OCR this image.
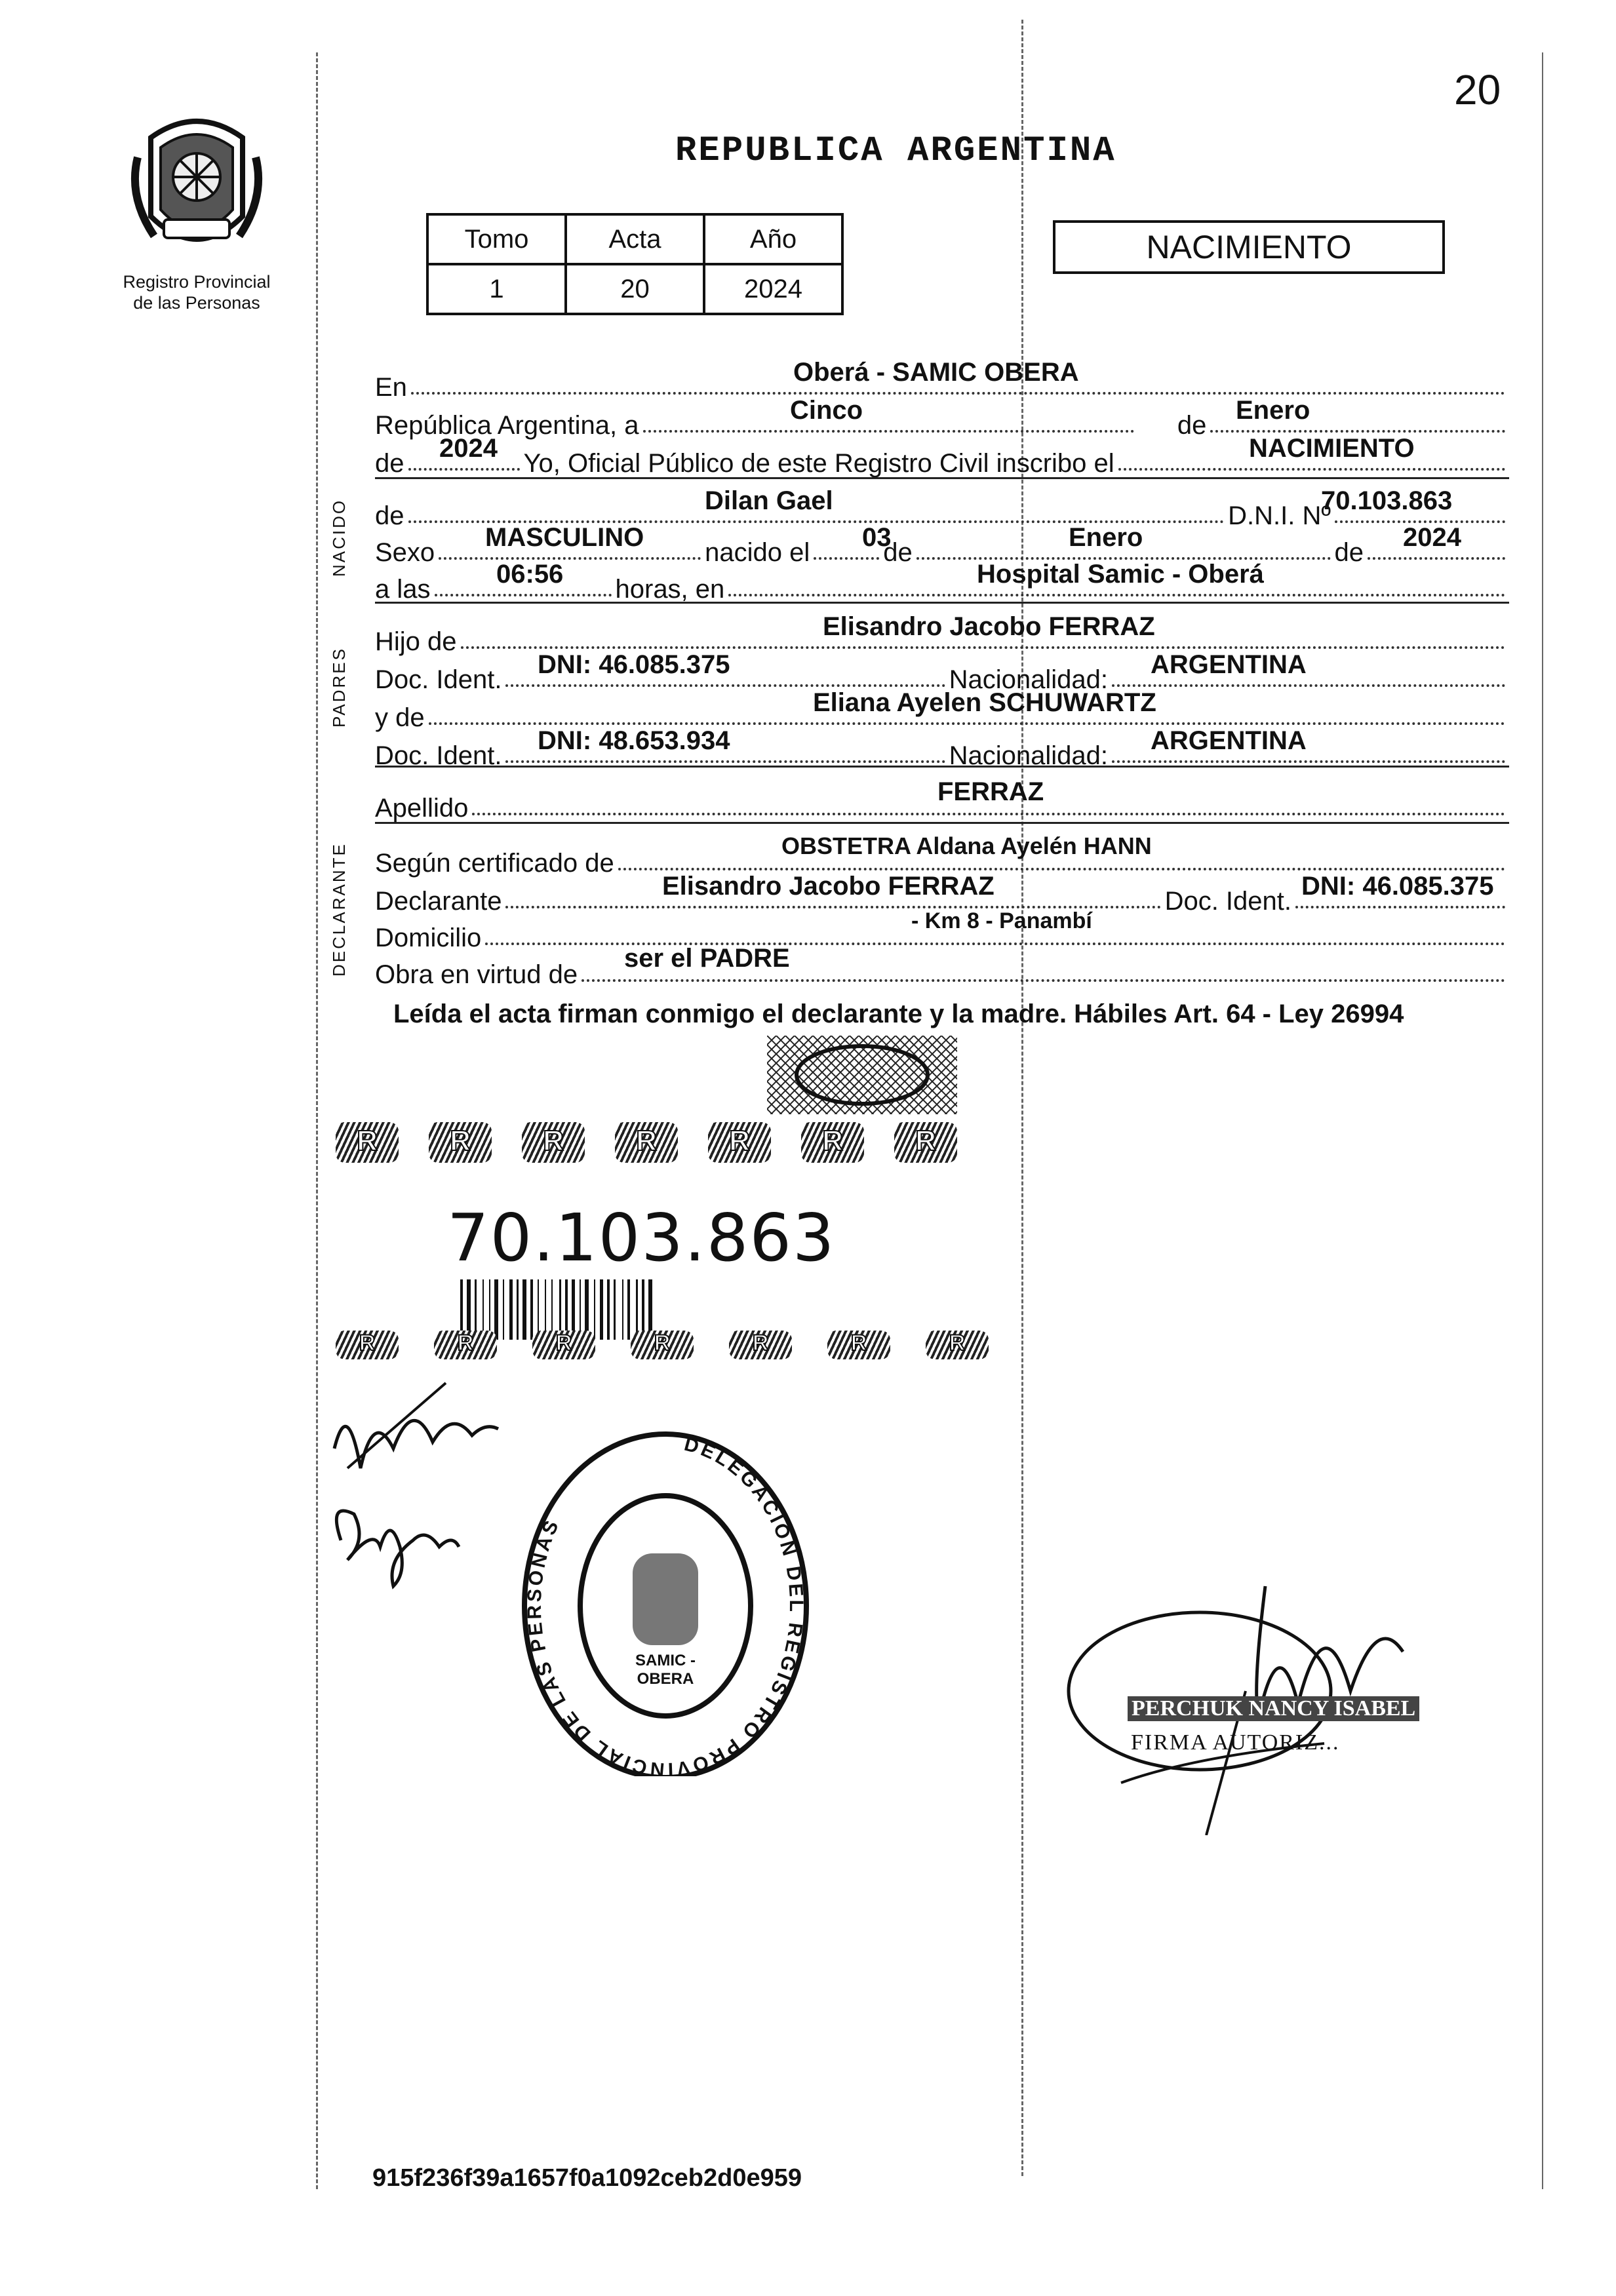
20
Registro Provincial
de las Personas
REPUBLICA ARGENTINA
Tomo	Acta	Año
1	20	2024
NACIMIENTO
NACIDO
PADRES
DECLARANTE
En
Oberá - SAMIC OBERA
República Argentina, a	de
Cinco	Enero
de	Yo, Oficial Público de este Registro Civil inscribo el
2024	NACIMIENTO
de	D.N.I. Nº
Dilan Gael	70.103.863
Sexo	nacido el	de	de
MASCULINO	03	Enero	2024
a las	horas, en
06:56	Hospital Samic - Oberá
Hijo de
Elisandro Jacobo FERRAZ
Doc. Ident.	Nacionalidad:
DNI: 46.085.375	ARGENTINA
y de
Eliana Ayelen SCHUWARTZ
Doc. Ident.	Nacionalidad:
DNI: 48.653.934	ARGENTINA
Apellido
FERRAZ
Según certificado de
OBSTETRA Aldana Ayelén HANN
Declarante	Doc. Ident.
Elisandro Jacobo FERRAZ	DNI: 46.085.375
Domicilio
- Km 8 - Panambí
Obra en virtud de
ser el PADRE
Leída el acta firman conmigo el declarante y la madre. Hábiles Art. 64 - Ley 26994
R	R	R	R	R	R	R
70.103.863
R	R	R	R	R	R	R
DELEGACIÓN DEL REGISTRO PROVINCIAL DE LAS PERSONAS
SAMIC - OBERA
PERCHUK NANCY ISABEL
FIRMA AUTORIZ...
915f236f39a1657f0a1092ceb2d0e959
